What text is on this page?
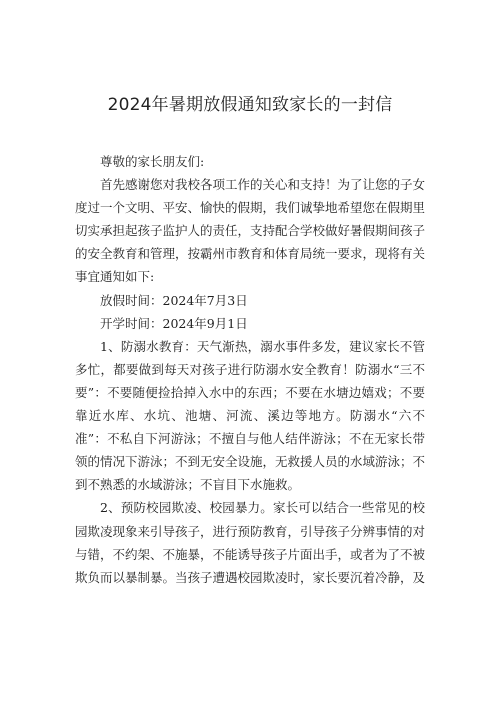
2024年暑期放假通知致家长的一封信

尊敬的家长朋友们:

首先感谢您对我校各项工作的关心和支持！为了让您的子女度过一个文明、平安、愉快的假期，我们诚挚地希望您在假期里切实承担起孩子监护人的责任，支持配合学校做好暑假期间孩子的安全教育和管理，按霸州市教育和体育局统一要求，现将有关事宜通知如下:

放假时间：2024年7月3日

开学时间：2024年9月1日

1、防溺水教育：天气渐热，溺水事件多发，建议家长不管多忙，都要做到每天对孩子进行防溺水安全教育！防溺水“三不要”：不要随便捡拾掉入水中的东西；不要在水塘边嬉戏；不要靠近水库、水坑、池塘、河流、溪边等地方。防溺水“六不准”：不私自下河游泳；不擅自与他人结伴游泳；不在无家长带领的情况下游泳；不到无安全设施，无救援人员的水域游泳；不到不熟悉的水域游泳；不盲目下水施救。

2、预防校园欺凌、校园暴力。家长可以结合一些常见的校园欺凌现象来引导孩子，进行预防教育，引导孩子分辨事情的对与错，不约架、不施暴，不能诱导孩子片面出手，或者为了不被欺负而以暴制暴。当孩子遭遇校园欺凌时，家长要沉着冷静，及
